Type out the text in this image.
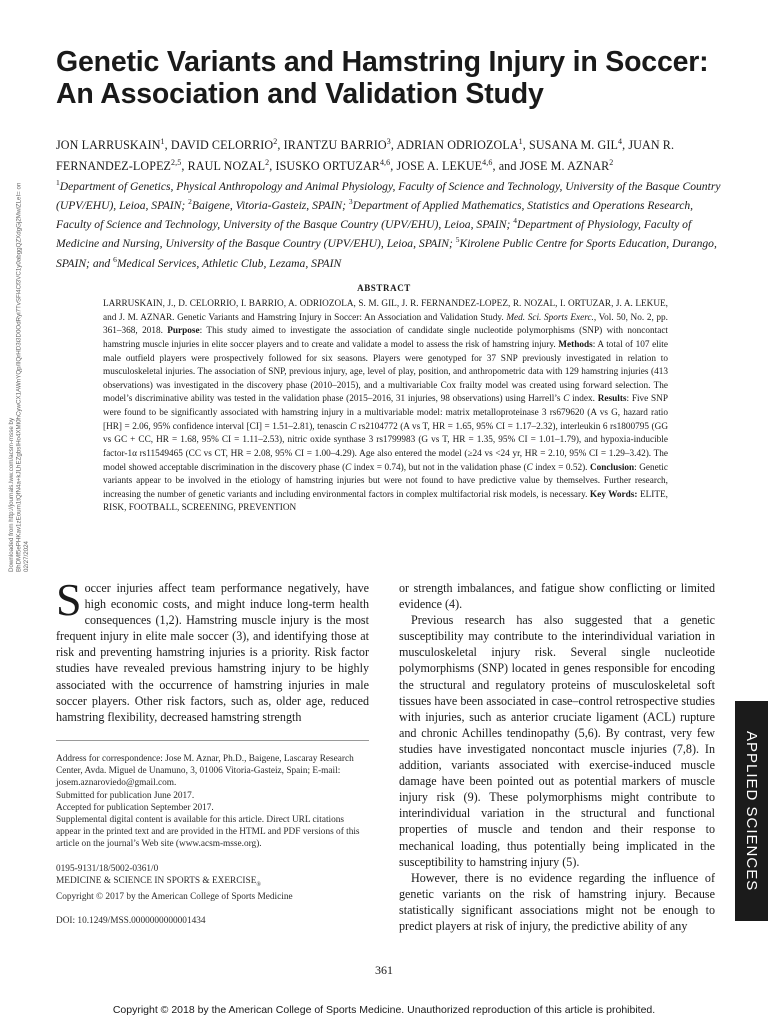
Downloaded from http://journals.lww.com/acsm-msse by BhDMf5ePHKav1zEoum1tQfN4a+kJLhEZgbsIHo4XMi0hCywCX1AWnYQp/IlQrHD3i3D0OdRyi7TvSFl4Cf3VC1y0abggQZXdgGj2MwlZLeI= on 02/27/2024
Genetic Variants and Hamstring Injury in Soccer: An Association and Validation Study
JON LARRUSKAIN$^1$, DAVID CELORRIO$^2$, IRANTZU BARRIO$^3$, ADRIAN ODRIOZOLA$^1$, SUSANA M. GIL$^4$, JUAN R. FERNANDEZ-LOPEZ$^{2,5}$, RAUL NOZAL$^2$, ISUSKO ORTUZAR$^{4,6}$, JOSE A. LEKUE$^{4,6}$, and JOSE M. AZNAR$^2$
$^1$Department of Genetics, Physical Anthropology and Animal Physiology, Faculty of Science and Technology, University of the Basque Country (UPV/EHU), Leioa, SPAIN; $^2$Baigene, Vitoria-Gasteiz, SPAIN; $^3$Department of Applied Mathematics, Statistics and Operations Research, Faculty of Science and Technology, University of the Basque Country (UPV/EHU), Leioa, SPAIN; $^4$Department of Physiology, Faculty of Medicine and Nursing, University of the Basque Country (UPV/EHU), Leioa, SPAIN; $^5$Kirolene Public Centre for Sports Education, Durango, SPAIN; and $^6$Medical Services, Athletic Club, Lezama, SPAIN
ABSTRACT

LARRUSKAIN, J., D. CELORRIO, I. BARRIO, A. ODRIOZOLA, S. M. GIL, J. R. FERNANDEZ-LOPEZ, R. NOZAL, I. ORTUZAR, J. A. LEKUE, and J. M. AZNAR. Genetic Variants and Hamstring Injury in Soccer: An Association and Validation Study. Med. Sci. Sports Exerc., Vol. 50, No. 2, pp. 361–368, 2018. Purpose: This study aimed to investigate the association of candidate single nucleotide polymorphisms (SNP) with noncontact hamstring muscle injuries in elite soccer players and to create and validate a model to assess the risk of hamstring injury. Methods: A total of 107 elite male outfield players were prospectively followed for six seasons. Players were genotyped for 37 SNP previously investigated in relation to musculoskeletal injuries. The association of SNP, previous injury, age, level of play, position, and anthropometric data with 129 hamstring injuries (413 observations) was investigated in the discovery phase (2010–2015), and a multivariable Cox frailty model was created using forward selection. The model’s discriminative ability was tested in the validation phase (2015–2016, 31 injuries, 98 observations) using Harrell’s C index. Results: Five SNP were found to be significantly associated with hamstring injury in a multivariable model: matrix metalloproteinase 3 rs679620 (A vs G, hazard ratio [HR] = 2.06, 95% confidence interval [CI] = 1.51–2.81), tenascin C rs2104772 (A vs T, HR = 1.65, 95% CI = 1.17–2.32), interleukin 6 rs1800795 (GG vs GC + CC, HR = 1.68, 95% CI = 1.11–2.53), nitric oxide synthase 3 rs1799983 (G vs T, HR = 1.35, 95% CI = 1.01–1.79), and hypoxia-inducible factor-1α rs11549465 (CC vs CT, HR = 2.08, 95% CI = 1.00–4.29). Age also entered the model (≥24 vs <24 yr, HR = 2.10, 95% CI = 1.29–3.42). The model showed acceptable discrimination in the discovery phase (C index = 0.74), but not in the validation phase (C index = 0.52). Conclusion: Genetic variants appear to be involved in the etiology of hamstring injuries but were not found to have predictive value by themselves. Further research, increasing the number of genetic variants and including environmental factors in complex multifactorial risk models, is necessary. Key Words: ELITE, RISK, FOOTBALL, SCREENING, PREVENTION

Soccer injuries affect team performance negatively, have high economic costs, and might induce long-term health consequences (1,2). Hamstring muscle injury is the most frequent injury in elite male soccer (3), and identifying those at risk and preventing hamstring injuries is a priority. Risk factor studies have revealed previous hamstring injury to be highly associated with the occurrence of hamstring injuries in male soccer players. Other risk factors, such as, older age, reduced hamstring flexibility, decreased hamstring strength

or strength imbalances, and fatigue show conflicting or limited evidence (4).

Previous research has also suggested that a genetic susceptibility may contribute to the interindividual variation in musculoskeletal injury risk. Several single nucleotide polymorphisms (SNP) located in genes responsible for encoding the structural and regulatory proteins of musculoskeletal soft tissues have been associated in case–control retrospective studies with injuries, such as anterior cruciate ligament (ACL) rupture and chronic Achilles tendinopathy (5,6). By contrast, very few studies have investigated noncontact muscle injuries (7,8). In addition, variants associated with exercise-induced muscle damage have been pointed out as potential markers of muscle injury risk (9). These polymorphisms might contribute to interindividual variation in the structural and functional properties of muscle and tendon and their response to mechanical loading, thus potentially being implicated in the susceptibility to hamstring injury (5).

However, there is no evidence regarding the influence of genetic variants on the risk of hamstring injury. Because statistically significant associations might not be enough to predict players at risk of injury, the predictive ability of any

Address for correspondence: Jose M. Aznar, Ph.D., Baigene, Lascaray Research Center, Avda. Miguel de Unamuno, 3, 01006 Vitoria-Gasteiz, Spain; E-mail: josem.aznaroviedo@gmail.com.
Submitted for publication June 2017.
Accepted for publication September 2017.
Supplemental digital content is available for this article. Direct URL citations appear in the printed text and are provided in the HTML and PDF versions of this article on the journal’s Web site (www.acsm-msse.org).
0195-9131/18/5002-0361/0
MEDICINE & SCIENCE IN SPORTS & $EXERCISE_®$
Copyright © 2017 by the American College of Sports Medicine
DOI: 10.1249/MSS.0000000000001434
APPLIED SCIENCES
361
Copyright © 2018 by the American College of Sports Medicine. Unauthorized reproduction of this article is prohibited.
